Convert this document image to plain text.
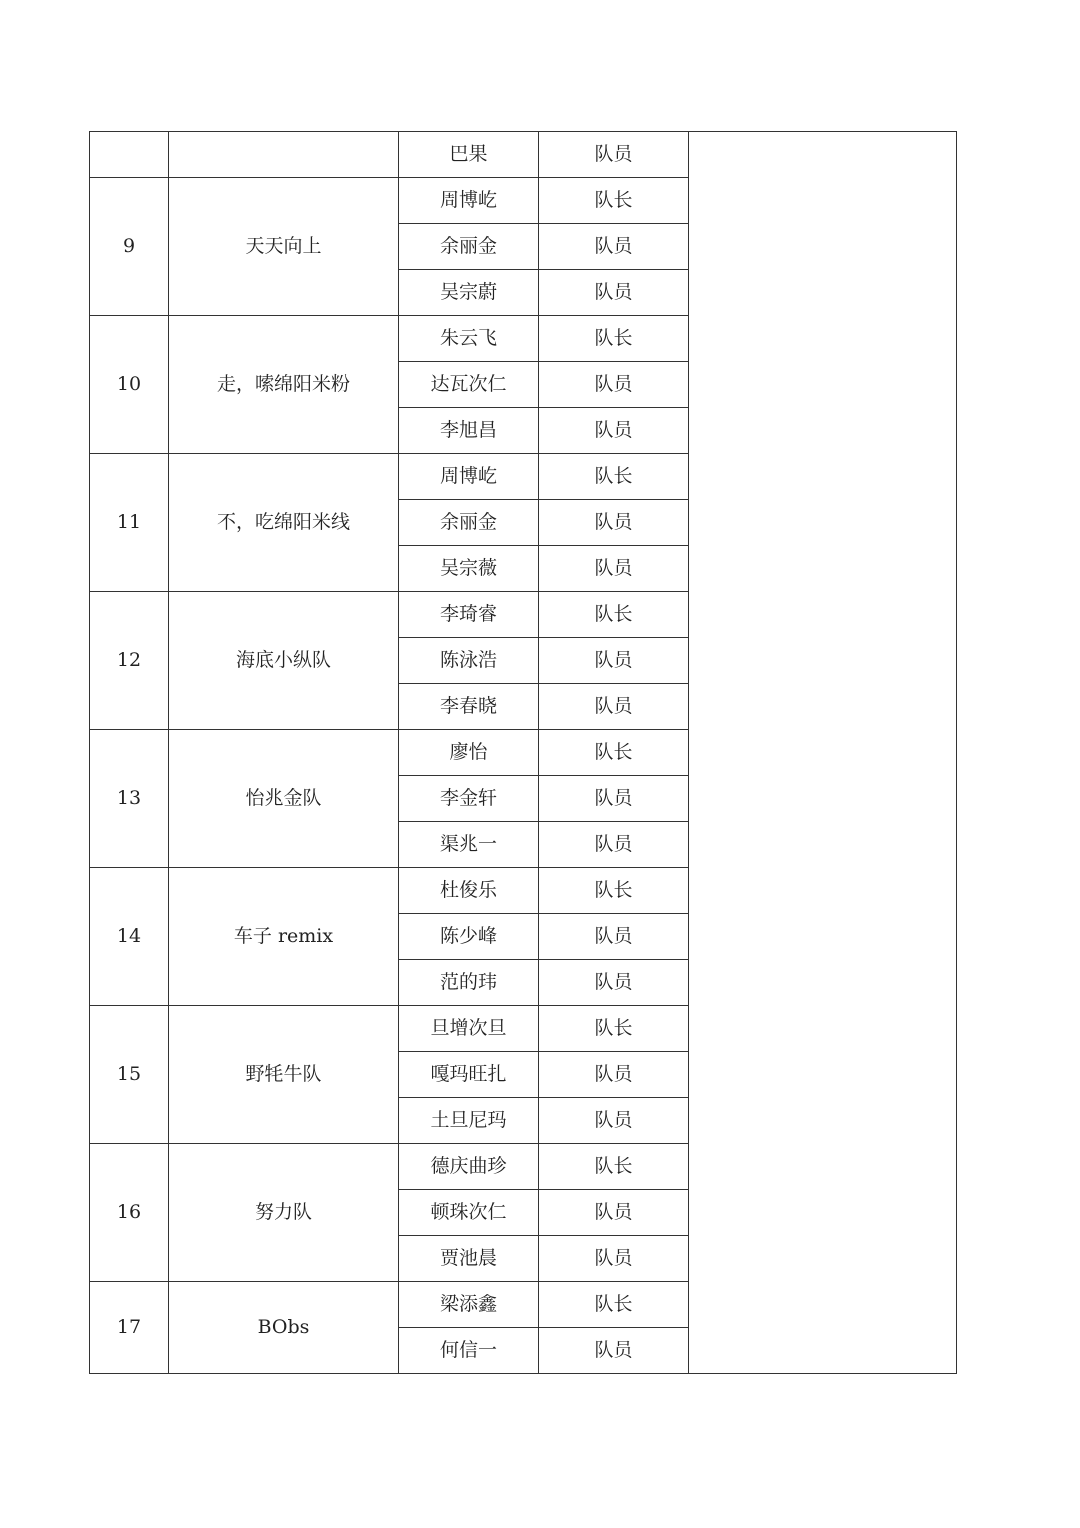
		巴果	队员		
9	天天向上	周博屹	队长		
		余丽金	队员		
		吴宗蔚	队员		
10	走，嗦绵阳米粉	朱云飞	队长		
		达瓦次仁	队员		
		李旭昌	队员		
11	不，吃绵阳米线	周博屹	队长		
		余丽金	队员		
		吴宗薇	队员		
12	海底小纵队	李琦睿	队长		
		陈泳浩	队员		
		李春晓	队员		
13	怡兆金队	廖怡	队长		
		李金轩	队员		
		渠兆一	队员		
14	车子 remix	杜俊乐	队长		
		陈少峰	队员		
		范的玮	队员		
15	野牦牛队	旦增次旦	队长		
		嘎玛旺扎	队员		
		土旦尼玛	队员		
16	努力队	德庆曲珍	队长		
		顿珠次仁	队员		
		贾池晨	队员		
17	BObs	梁添鑫	队长	
		何信一	队员		
